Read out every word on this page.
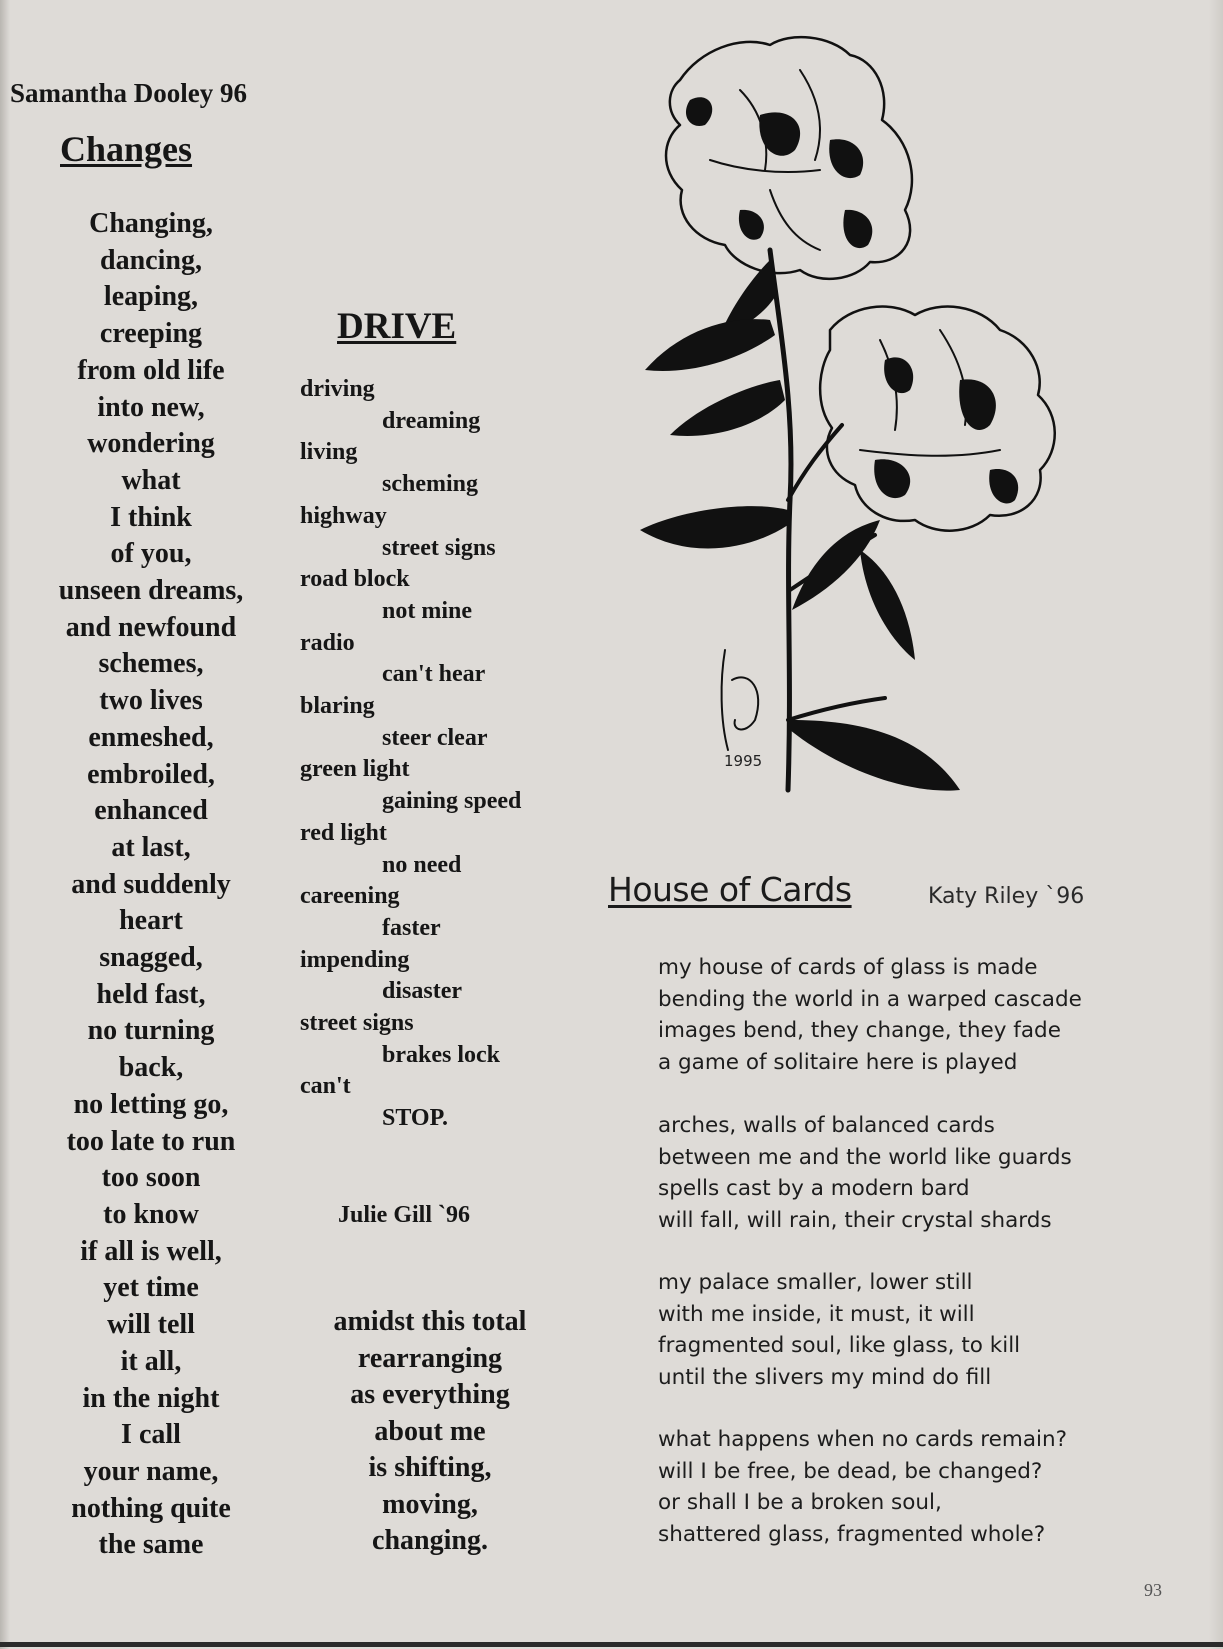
Samantha Dooley 96
Changes
Changing,
dancing,
leaping,
creeping
from old life
into new,
wondering
what
I think
of you,
unseen dreams,
and newfound
schemes,
two lives
enmeshed,
embroiled,
enhanced
at last,
and suddenly
heart
snagged,
held fast,
no turning
back,
no letting go,
too late to run
too soon
to know
if all is well,
yet time
will tell
it all,
in the night
I call
your name,
nothing quite
the same
DRIVE
driving
dreaming
living
scheming
highway
street signs
road block
not mine
radio
can't hear
blaring
steer clear
green light
gaining speed
red light
no need
careening
faster
impending
disaster
street signs
brakes lock
can't
STOP.
Julie Gill `96
amidst this total
rearranging
as everything
about me
is shifting,
moving,
changing.
1995
House of Cards	Katy Riley `96
my house of cards of glass is made
bending the world in a warped cascade
images bend, they change, they fade
a game of solitaire here is played
arches, walls of balanced cards
between me and the world like guards
spells cast by a modern bard
will fall, will rain, their crystal shards
my palace smaller, lower still
with me inside, it must, it will
fragmented soul, like glass, to kill
until the slivers my mind do fill
what happens when no cards remain?
will I be free, be dead, be changed?
or shall I be a broken soul,
shattered glass, fragmented whole?
93
